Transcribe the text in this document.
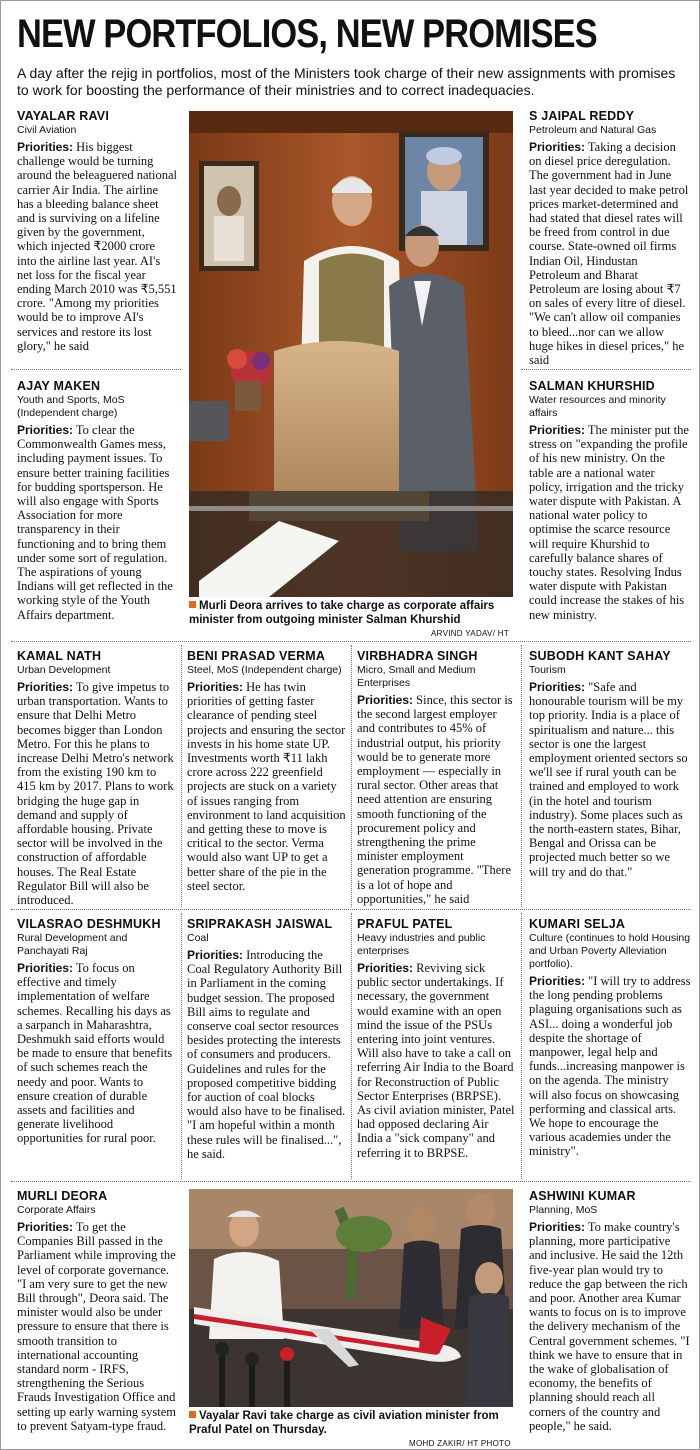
NEW PORTFOLIOS, NEW PROMISES
A day after the rejig in portfolios, most of the Ministers took charge of their new assignments with promises to work for boosting the performance of their ministries and to correct inadequacies.
VAYALAR RAVI
Civil Aviation
Priorities: His biggest challenge would be turning around the beleaguered national carrier Air India. The airline has a bleeding balance sheet and is surviving on a lifeline given by the government, which injected ₹2000 crore into the airline last year. AI's net loss for the fiscal year ending March 2010 was ₹5,551 crore. "Among my priorities would be to improve AI's services and restore its lost glory," he said
S JAIPAL REDDY
Petroleum and Natural Gas
Priorities: Taking a decision on diesel price deregulation. The government had in June last year decided to make petrol prices market-determined and had stated that diesel rates will be freed from control in due course. State-owned oil firms Indian Oil, Hindustan Petroleum and Bharat Petroleum are losing about ₹7 on sales of every litre of diesel. "We can't allow oil companies to bleed...nor can we allow huge hikes in diesel prices," he said
AJAY MAKEN
Youth and Sports, MoS (Independent charge)
Priorities: To clear the Commonwealth Games mess, including payment issues. To ensure better training facilities for budding sportsperson. He will also engage with Sports Association for more transparency in their functioning and to bring them under some sort of regulation. The aspirations of young Indians will get reflected in the working style of the Youth Affairs department.
SALMAN KHURSHID
Water resources and minority affairs
Priorities: The minister put the stress on "expanding the profile of his new ministry. On the table are a national water policy, irrigation and the tricky water dispute with Pakistan. A national water policy to optimise the scarce resource will require Khurshid to carefully balance shares of touchy states. Resolving Indus water dispute with Pakistan could increase the stakes of his new ministry.
Murli Deora arrives to take charge as corporate affairs minister from outgoing minister Salman Khurshid
ARVIND YADAV/ HT
KAMAL NATH
Urban Development
Priorities: To give impetus to urban transportation. Wants to ensure that Delhi Metro becomes bigger than London Metro. For this he plans to increase Delhi Metro's network from the existing 190 km to 415 km by 2017. Plans to work bridging the huge gap in demand and supply of affordable housing. Private sector will be involved in the construction of affordable houses. The Real Estate Regulator Bill will also be introduced.
BENI PRASAD VERMA
Steel, MoS (Independent charge)
Priorities: He has twin priorities of getting faster clearance of pending steel projects and ensuring the sector invests in his home state UP. Investments worth ₹11 lakh crore across 222 greenfield projects are stuck on a variety of issues ranging from environment to land acquisition and getting these to move is critical to the sector. Verma would also want UP to get a better share of the pie in the steel sector.
VIRBHADRA SINGH
Micro, Small and Medium Enterprises
Priorities: Since, this sector is the second largest employer and contributes to 45% of industrial output, his priority would be to generate more employment — especially in rural sector. Other areas that need attention are ensuring smooth functioning of the procurement policy and strengthening the prime minister employment generation programme. "There is a lot of hope and opportunities," he said
SUBODH KANT SAHAY
Tourism
Priorities: "Safe and honourable tourism will be my top priority. India is a place of spiritualism and nature... this sector is one the largest employment oriented sectors so we'll see if rural youth can be trained and employed to work (in the hotel and tourism industry). Some places such as the north-eastern states, Bihar, Bengal and Orissa can be projected much better so we will try and do that."
VILASRAO DESHMUKH
Rural Development and Panchayati Raj
Priorities: To focus on effective and timely implementation of welfare schemes. Recalling his days as a sarpanch in Maharashtra, Deshmukh said efforts would be made to ensure that benefits of such schemes reach the needy and poor. Wants to ensure creation of durable assets and facilities and generate livelihood opportunities for rural poor.
SRIPRAKASH JAISWAL
Coal
Priorities: Introducing the Coal Regulatory Authority Bill in Parliament in the coming budget session. The proposed Bill aims to regulate and conserve coal sector resources besides protecting the interests of consumers and producers. Guidelines and rules for the proposed competitive bidding for auction of coal blocks would also have to be finalised. "I am hopeful within a month these rules will be finalised...", he said.
PRAFUL PATEL
Heavy industries and public enterprises
Priorities: Reviving sick public sector undertakings. If necessary, the government would examine with an open mind the issue of the PSUs entering into joint ventures. Will also have to take a call on referring Air India to the Board for Reconstruction of Public Sector Enterprises (BRPSE). As civil aviation minister, Patel had opposed declaring Air India a "sick company" and referring it to BRPSE.
KUMARI SELJA
Culture (continues to hold Housing and Urban Poverty Alleviation portfolio).
Priorities: "I will try to address the long pending problems plaguing organisations such as ASI... doing a wonderful job despite the shortage of manpower, legal help and funds...increasing manpower is on the agenda. The ministry will also focus on showcasing performing and classical arts. We hope to encourage the various academies under the ministry".
MURLI DEORA
Corporate Affairs
Priorities: To get the Companies Bill passed in the Parliament while improving the level of corporate governance. "I am very sure to get the new Bill through", Deora said. The minister would also be under pressure to ensure that there is smooth transition to international accounting standard norm - IRFS, strengthening the Serious Frauds Investigation Office and setting up early warning system to prevent Satyam-type fraud.
Vayalar Ravi take charge as civil aviation minister from Praful Patel on Thursday.
MOHD ZAKIR/ HT PHOTO
ASHWINI KUMAR
Planning, MoS
Priorities: To make country's planning, more participative and inclusive. He said the 12th five-year plan would try to reduce the gap between the rich and poor. Another area Kumar wants to focus on is to improve the delivery mechanism of the Central government schemes. "I think we have to ensure that in the wake of globalisation of economy, the benefits of planning should reach all corners of the country and people," he said.
